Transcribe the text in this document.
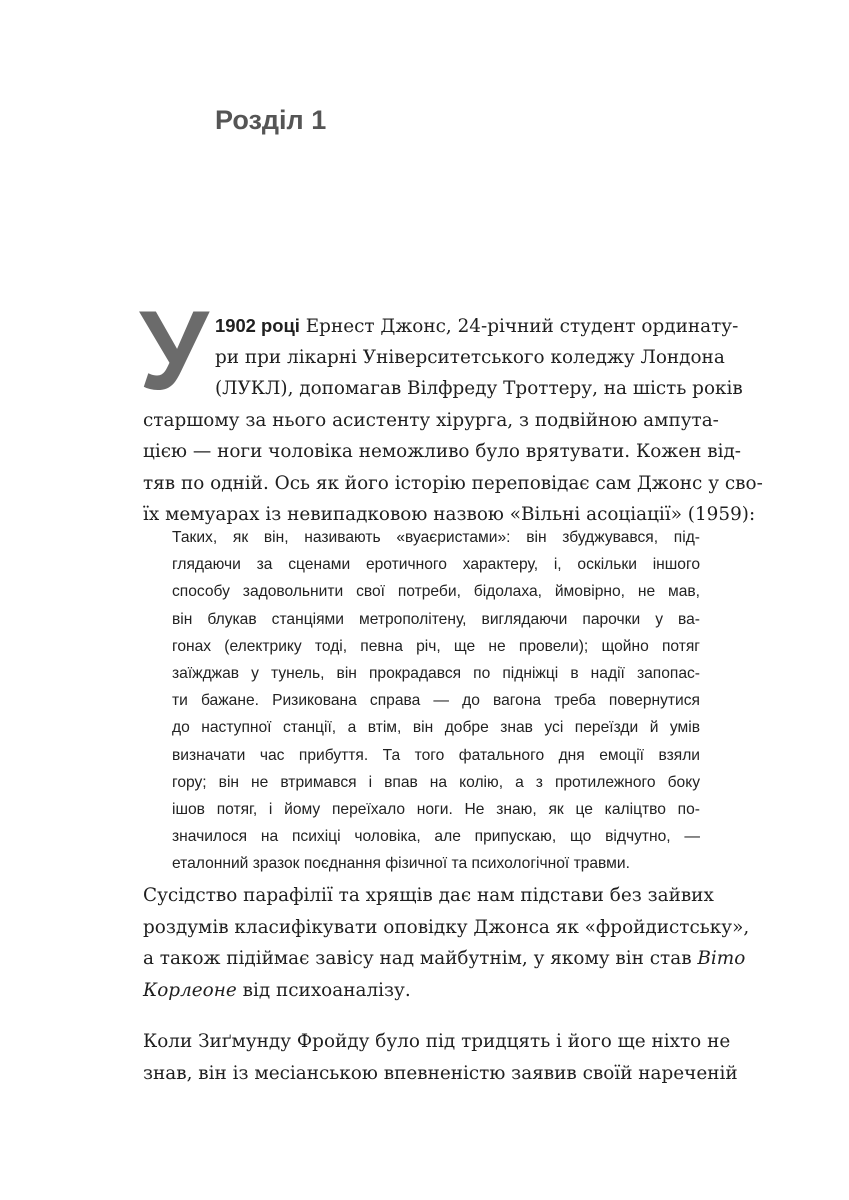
Розділ 1
У 1902 році Ернест Джонс, 24-річний студент ординату-
ри при лікарні Університетського коледжу Лондона
(ЛУКЛ), допомагав Вілфреду Троттеру, на шість років
старшому за нього асистенту хірурга, з подвійною ампута-
цією — ноги чоловіка неможливо було врятувати. Кожен від-
тяв по одній. Ось як його історію переповідає сам Джонс у сво-
їх мемуарах із невипадковою назвою «Вільні асоціації» (1959):

Таких, як він, називають «вуаєристами»: він збуджувався, під-
глядаючи за сценами еротичного характеру, і, оскільки іншого
способу задовольнити свої потреби, бідолаха, ймовірно, не мав,
він блукав станціями метрополітену, виглядаючи парочки у ва-
гонах (електрику тоді, певна річ, ще не провели); щойно потяг
заїжджав у тунель, він прокрадався по підніжці в надії запопас-
ти бажане. Ризикована справа — до вагона треба повернутися
до наступної станції, а втім, він добре знав усі переїзди й умів
визначати час прибуття. Та того фатального дня емоції взяли
гору; він не втримався і впав на колію, а з протилежного боку
ішов потяг, і йому переїхало ноги. Не знаю, як це каліцтво по-
значилося на психіці чоловіка, але припускаю, що відчутно, —
еталонний зразок поєднання фізичної та психологічної травми.

Сусідство парафілії та хрящів дає нам підстави без зайвих
роздумів класифікувати оповідку Джонса як «фройдистську»,
а також підіймає завісу над майбутнім, у якому він став Віто
Корлеоне від психоаналізу.

Коли Зиґмунду Фройду було під тридцять і його ще ніхто не
знав, він із месіанською впевненістю заявив своїй нареченій
